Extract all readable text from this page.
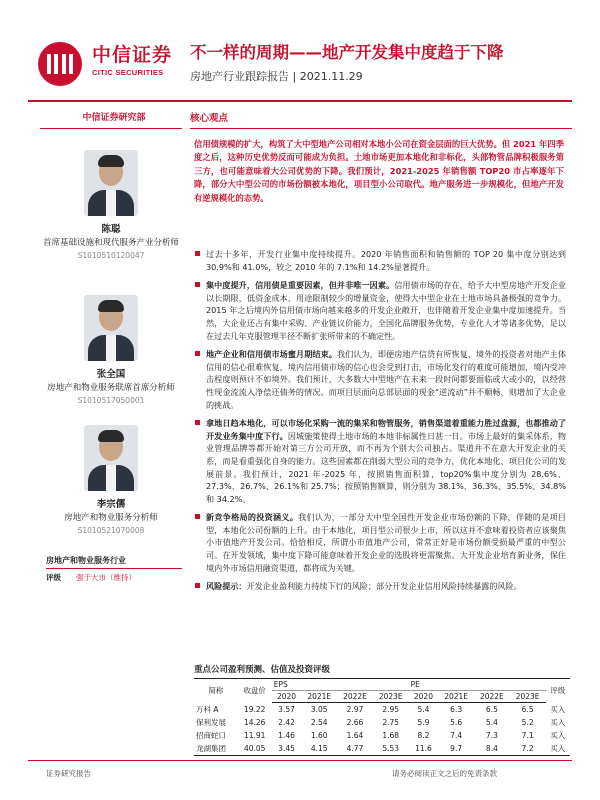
中信证券
CITIC SECURITIES
不一样的周期——地产开发集中度趋于下降
房地产行业跟踪报告 | 2021.11.29
中信证券研究部
陈聪
首席基础设施和现代服务产业分析师
S1010510120047
张全国
房地产和物业服务联席首席分析师
S1010517050001
李宗儒
房地产和物业服务分析师
S1010521070008
房地产和物业服务行业
评级	强于大市（维持）
核心观点
信用债规模的扩大，构筑了大中型地产公司相对本地小公司在资金层面的巨大优势。但 2021 年四季度之后，这种历史优势反而可能成为负担。土地市场更加本地化和非标化，头部物管品牌积极服务第三方，也可能意味着大公司优势的下降。我们预计，2021-2025 年销售额 TOP20 市占率逐年下降，部分大中型公司的市场份额被本地化，项目型小公司取代。地产服务进一步规模化，但地产开发有逆规模化的态势。
过去十多年，开发行业集中度持续提升。2020 年销售面积和销售额的 TOP 20 集中度分别达到 30.9%和 41.0%，较之 2010 年的 7.1%和 14.2%显著提升。
集中度提升，信用债是重要因素，但并非唯一因素。信用债市场的存在，给予大中型房地产开发企业以长期限，低资金成本，用途限制较少的增量资金，使得大中型企业在土地市场具备极强的竞争力。2015 年之后境内外信用债市场向越来越多的开发企业敞开，也伴随着开发企业集中度加速提升。当然，大企业还占有集中采购、产业链议价能力，全国化品牌服务优势，专业化人才等诸多优势，足以在过去几年克服管理半径不断扩张所带来的不确定性。
地产企业和信用债市场蜜月期结束。我们认为，即便房地产信贷有所恢复，境外的投资者对地产主体信用的信心很难恢复，境内信用债市场的信心也会受到打击，市场化发行的难度可能增加，境内受冲击程度则预计不如境外。我们预计，大多数大中型地产在未来一段时间都要面临或大或小的，以经营性现金流流入净偿还债务的情况。而项目层面向总部层面的现金“逆流动”并不顺畅，则增加了大企业的挑战。
拿地日趋本地化，可以市场化采购一流的集采和物管服务，销售渠道着重能力胜过盘源，也都推动了开发业务集中度下行。因城施策使得土地市场的本地非标属性日甚一日。市场上最好的集采体系，物业管理品牌等都开始对第三方公司开放，而不再为个别大公司独占。渠道并不在意大开发企业的关系，而是看重强化自身的能力。这些因素都在削弱大型公司的竞争力，优化本地化、项目化公司的发展前景。我们预计，2021 年-2025 年，按照销售面积算，top20%集中度分别为 28.6%、27.3%、26.7%、26.1%和 25.7%；按照销售额算，则分别为 38.1%、36.3%、35.5%、34.8%和 34.2%。
新竞争格局的投资涵义。我们认为，一部分大中型全国性开发企业市场份额的下降，伴随的是项目型，本地化公司份额的上升。由于本地化，项目型公司很少上市，所以这并不意味着投资者应该聚焦小市值地产开发公司。恰恰相反，所谓小市值地产公司，常常正好是市场份额受损最严重的中型公司。在开发领域，集中度下降可能意味着开发企业的选股将更需聚焦。大开发企业培育新业务，保住境内外市场信用融资渠道，都将成为关键。
风险提示：开发企业盈利能力持续下行的风险；部分开发企业信用风险持续暴露的风险。
重点公司盈利预测、估值及投资评级
简称	收盘价	EPS				PE				评级
		2020	2021E	2022E	2023E	2020	2021E	2022E	2023E	
万科 A	19.22	3.57	3.05	2.97	2.95	5.4	6.3	6.5	6.5	买入
保利发展	14.26	2.42	2.54	2.66	2.75	5.9	5.6	5.4	5.2	买入
招商蛇口	11.91	1.46	1.60	1.64	1.68	8.2	7.4	7.3	7.1	买入
龙湖集团	40.05	3.45	4.15	4.77	5.53	11.6	9.7	8.4	7.2	买入
证券研究报告	请务必阅读正文之后的免责条款
